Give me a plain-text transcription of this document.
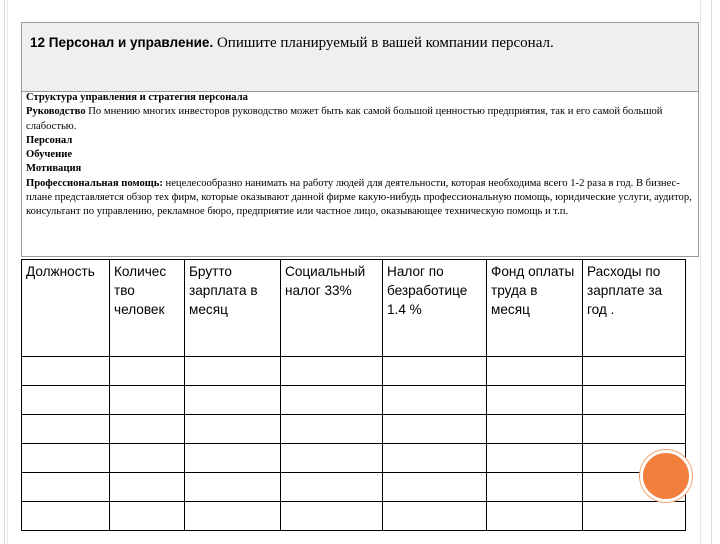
12 Персонал и управление. Опишите планируемый в вашей компании персонал.

Структура управления и стратегия персонала

Руководство По мнению многих инвесторов руководство может быть как самой большой ценностью предприятия, так и его самой большой слабостью.

Персонал

Обучение

Мотивация

Профессиональная помощь: нецелесообразно нанимать на работу людей для деятельности, которая необходима всего 1-2 раза в год. В бизнес-плане представляется обзор тех фирм, которые оказывают данной фирме какую-нибудь профессиональную помощь, юридические услуги, аудитор, консультант по управлению, рекламное бюро, предприятие или частное лицо, оказывающее техническую помощь и т.п.

Должность	Количес тво человек	Брутто зарплата в месяц	Социальный налог 33%	Налог по безработице 1.4 %	Фонд оплаты труда в месяц	Расходы по зарплате за год .
